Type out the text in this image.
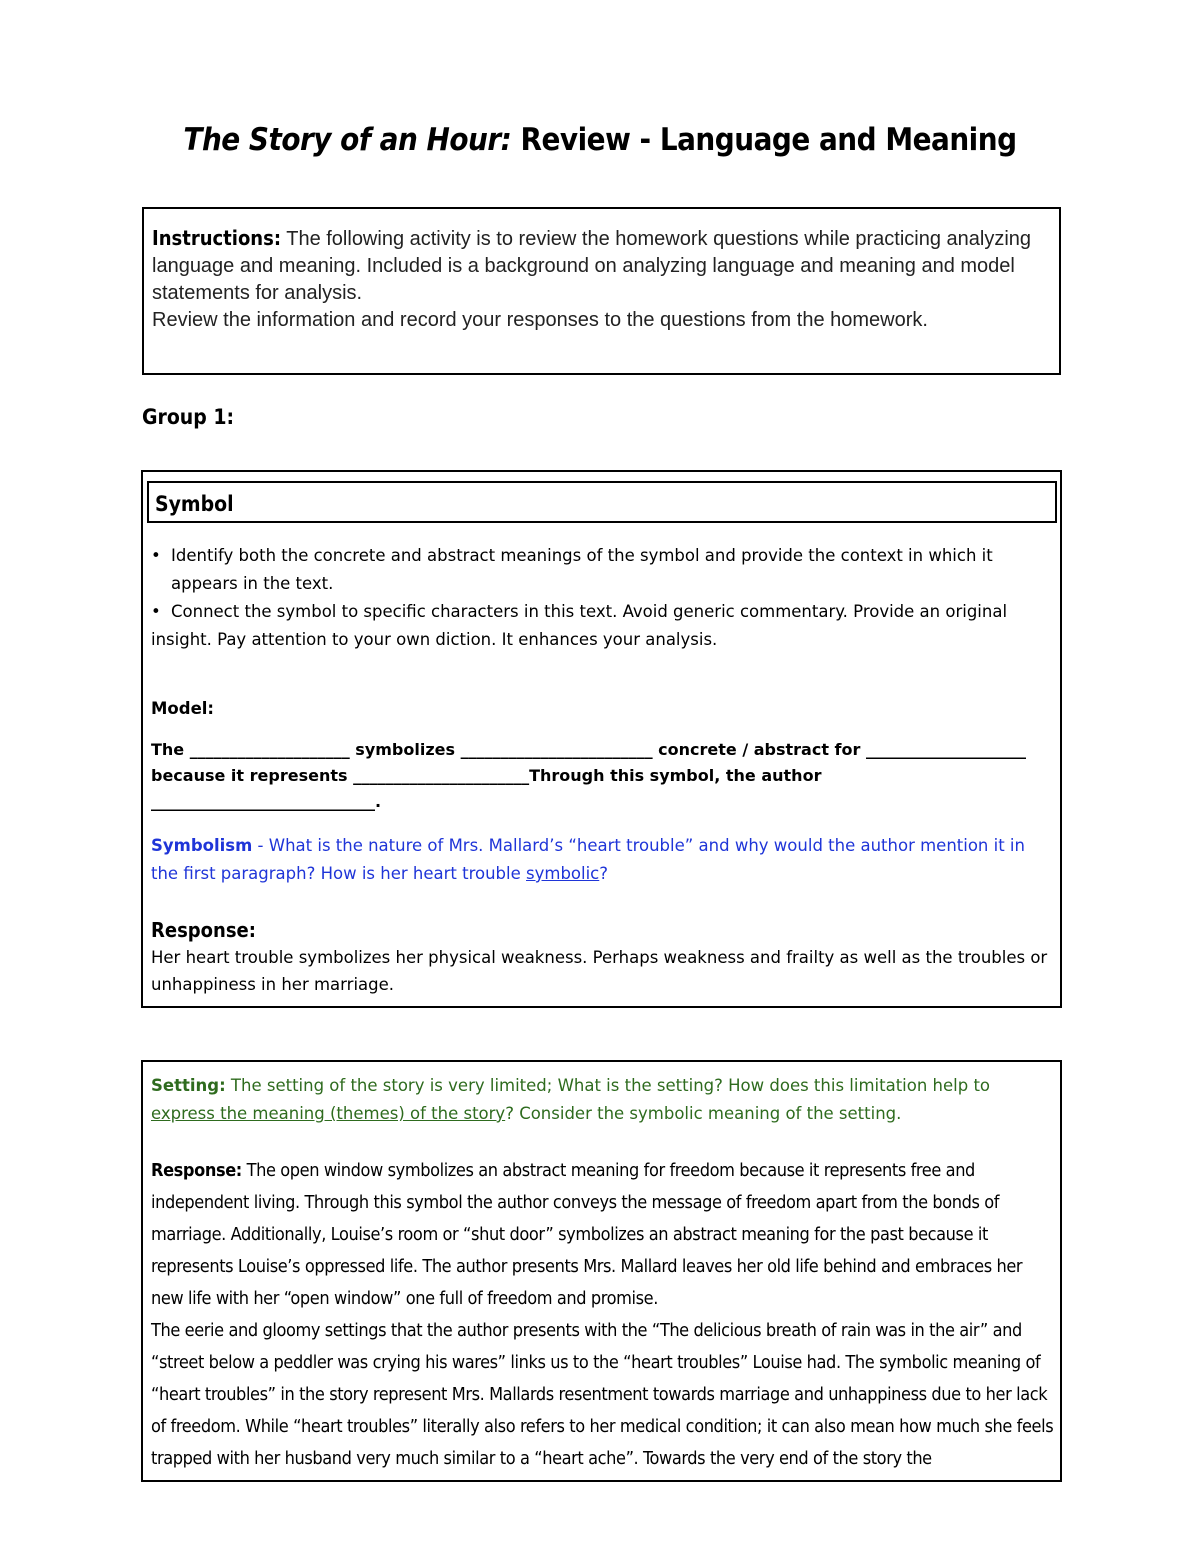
The Story of an Hour: Review - Language and Meaning
Instructions: The following activity is to review the homework questions while practicing analyzing language and meaning. Included is a background on analyzing language and meaning and model statements for analysis.
Review the information and record your responses to the questions from the homework.
Group 1:
Symbol
• Identify both the concrete and abstract meanings of the symbol and provide the context in which it appears in the text.
• Connect the symbol to specific characters in this text. Avoid generic commentary. Provide an original insight. Pay attention to your own diction. It enhances your analysis.
Model:
The ____________________ symbolizes ________________________ concrete / abstract for ____________________ because it represents ______________________Through this symbol, the author ____________________________.
Symbolism - What is the nature of Mrs. Mallard’s “heart trouble” and why would the author mention it in the first paragraph? How is her heart trouble symbolic?
Response:
Her heart trouble symbolizes her physical weakness. Perhaps weakness and frailty as well as the troubles or unhappiness in her marriage.
Setting: The setting of the story is very limited; What is the setting? How does this limitation help to express the meaning (themes) of the story? Consider the symbolic meaning of the setting.

Response: The open window symbolizes an abstract meaning for freedom because it represents free and independent living. Through this symbol the author conveys the message of freedom apart from the bonds of marriage. Additionally, Louise’s room or “shut door” symbolizes an abstract meaning for the past because it represents Louise’s oppressed life. The author presents Mrs. Mallard leaves her old life behind and embraces her new life with her “open window” one full of freedom and promise.

The eerie and gloomy settings that the author presents with the “The delicious breath of rain was in the air” and “street below a peddler was crying his wares” links us to the “heart troubles” Louise had. The symbolic meaning of “heart troubles” in the story represent Mrs. Mallards resentment towards marriage and unhappiness due to her lack of freedom. While “heart troubles” literally also refers to her medical condition; it can also mean how much she feels trapped with her husband very much similar to a “heart ache”. Towards the very end of the story the
